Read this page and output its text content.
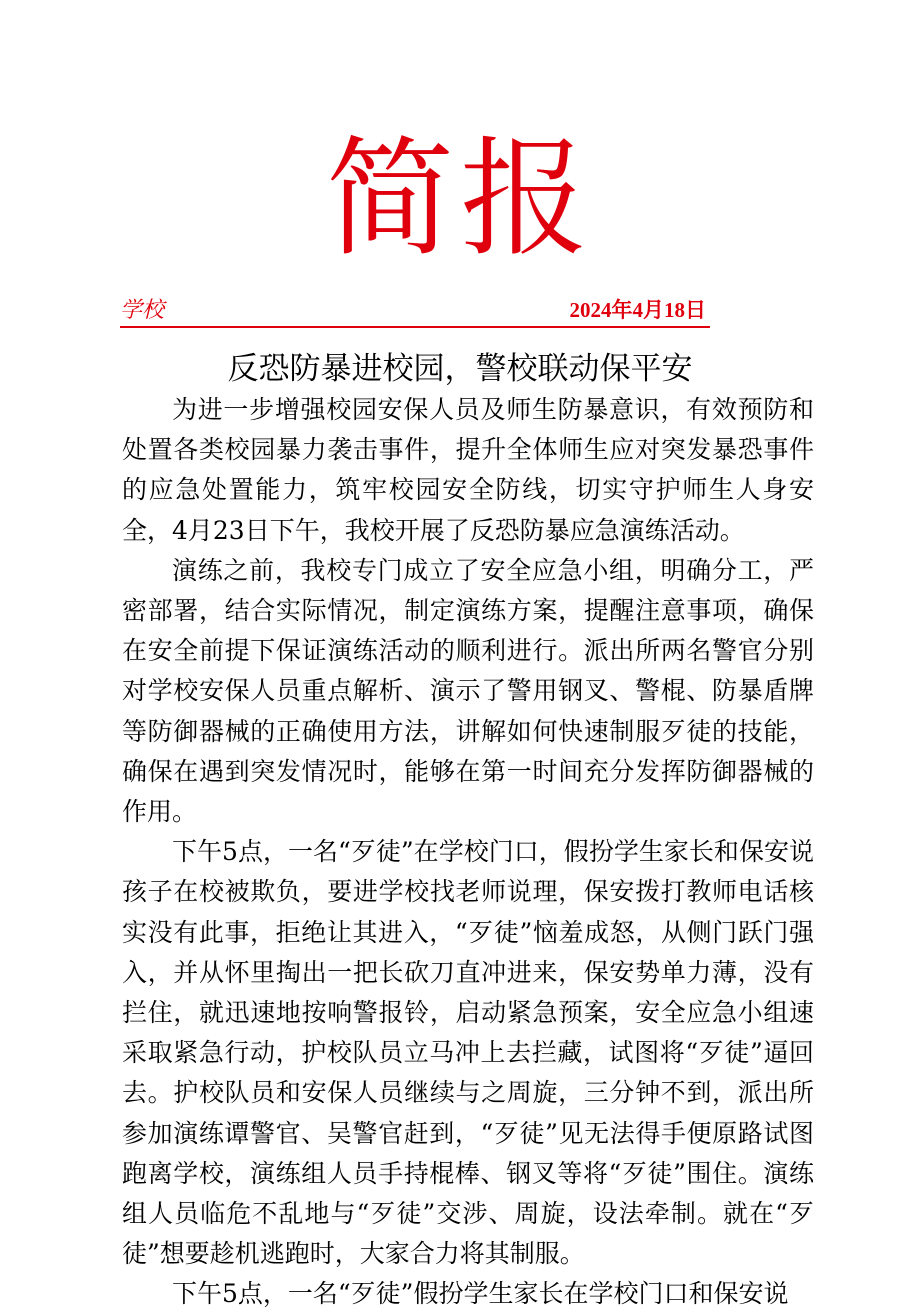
简报
学校	2024年4月18日
反恐防暴进校园，警校联动保平安

为进一步增强校园安保人员及师生防暴意识，有效预防和处置各类校园暴力袭击事件，提升全体师生应对突发暴恐事件的应急处置能力，筑牢校园安全防线，切实守护师生人身安全，4月23日下午，我校开展了反恐防暴应急演练活动。

演练之前，我校专门成立了安全应急小组，明确分工，严密部署，结合实际情况，制定演练方案，提醒注意事项，确保在安全前提下保证演练活动的顺利进行。派出所两名警官分别对学校安保人员重点解析、演示了警用钢叉、警棍、防暴盾牌等防御器械的正确使用方法，讲解如何快速制服歹徒的技能，确保在遇到突发情况时，能够在第一时间充分发挥防御器械的作用。

下午5点，一名“歹徒”在学校门口，假扮学生家长和保安说孩子在校被欺负，要进学校找老师说理，保安拨打教师电话核实没有此事，拒绝让其进入，“歹徒”恼羞成怒，从侧门跃门强入，并从怀里掏出一把长砍刀直冲进来，保安势单力薄，没有拦住，就迅速地按响警报铃，启动紧急预案，安全应急小组速采取紧急行动，护校队员立马冲上去拦藏，试图将“歹徒”逼回去。护校队员和安保人员继续与之周旋，三分钟不到，派出所参加演练谭警官、吴警官赶到，“歹徒”见无法得手便原路试图跑离学校，演练组人员手持棍棒、钢叉等将“歹徒”围住。演练组人员临危不乱地与“歹徒”交涉、周旋，设法牵制。就在“歹徒”想要趁机逃跑时，大家合力将其制服。

下午5点，一名“歹徒”假扮学生家长在学校门口和保安说
